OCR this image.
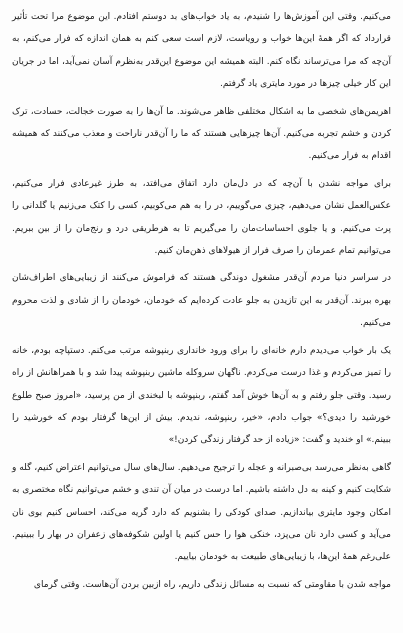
می‌کنیم. وقتی این آموزش‌ها را شنیدم، به یاد خواب‌های بد دوستم افتادم. این موضوع مرا تحت تأثیر قرارداد که اگر همهٔ این‌ها خواب و رویاست، لازم است سعی کنم به همان اندازه که فرار می‌کنم، به آن‌چه که مرا می‌ترساند نگاه کنم. البته همیشه این موضوع این‌قدر به‌نظرم آسان نمی‌آید، اما در جریان این کار خیلی چیزها در مورد مایتری یاد گرفتم.

اهریمن‌های شخصی ما به اشکال مختلفی ظاهر می‌شوند. ما آن‌ها را به صورت خجالت، حسادت، ترک کردن و خشم تجربه می‌کنیم. آن‌ها چیزهایی هستند که ما را آن‌قدر ناراحت و معذب می‌کنند که همیشه اقدام به فرار می‌کنیم.

برای مواجه نشدن با آن‌چه که در دل‌مان دارد اتفاق می‌افتد، به طرز غیرعادی فرار می‌کنیم، عکس‌العمل نشان می‌دهیم، چیزی می‌گوییم، در را به هم می‌کوبیم، کسی را کتک می‌زنیم یا گلدانی را پرت می‌کنیم. و یا جلوی احساسات‌مان را می‌گیریم تا به هرطریقی درد و رنج‌مان را از بین ببریم. می‌توانیم تمام عمرمان را صرف فرار از هیولاهای ذهن‌مان کنیم.

در سراسر دنیا مردم آن‌قدر مشغول دوندگی هستند که فراموش می‌کنند از زیبایی‌های اطراف‌شان بهره ببرند. آن‌قدر به این تازیدن به جلو عادت کرده‌ایم که خودمان، خودمان را از شادی و لذت محروم می‌کنیم.

یک بار خواب می‌دیدم دارم خانه‌ای را برای ورود خانداری ربنپوشه مرتب می‌کنم. دستپاچه بودم، خانه را تمیز می‌کردم و غذا درست می‌کردم. ناگهان سروکله ماشین ربنپوشه پیدا شد و با همراهانش از راه رسید. وقتی جلو رفتم و به آن‌ها خوش آمد گفتم، ربنپوشه با لبخندی از من پرسید، «امروز صبح طلوع خورشید را دیدی؟» جواب دادم، «خیر، ربنپوشه، ندیدم. بیش از این‌ها گرفتار بودم که خورشید را ببینم.» او خندید و گفت: «زیاده از حد گرفتار زندگی کردن!»

گاهی به‌نظر می‌رسد بی‌صبرانه و عجله را ترجیح می‌دهیم. سال‌های سال می‌توانیم اعتراض کنیم، گله و شکایت کنیم و کینه به دل داشته باشیم. اما درست در میان آن تندی و خشم می‌توانیم نگاه مختصری به امکان وجود مایتری بیاندازیم. صدای کودکی را بشنویم که دارد گریه می‌کند، احساس کنیم بوی نان می‌آید و کسی دارد نان می‌پزد، خنکی هوا را حس کنیم یا اولین شکوفه‌های زعفران در بهار را ببینیم. علی‌رغم همهٔ این‌ها، با زیبایی‌های طبیعت به خودمان بیاییم.

مواجه شدن با مقاومتی که نسبت به مسائل زندگی داریم، راه ازبین بردن آن‌هاست. وقتی گرمای
